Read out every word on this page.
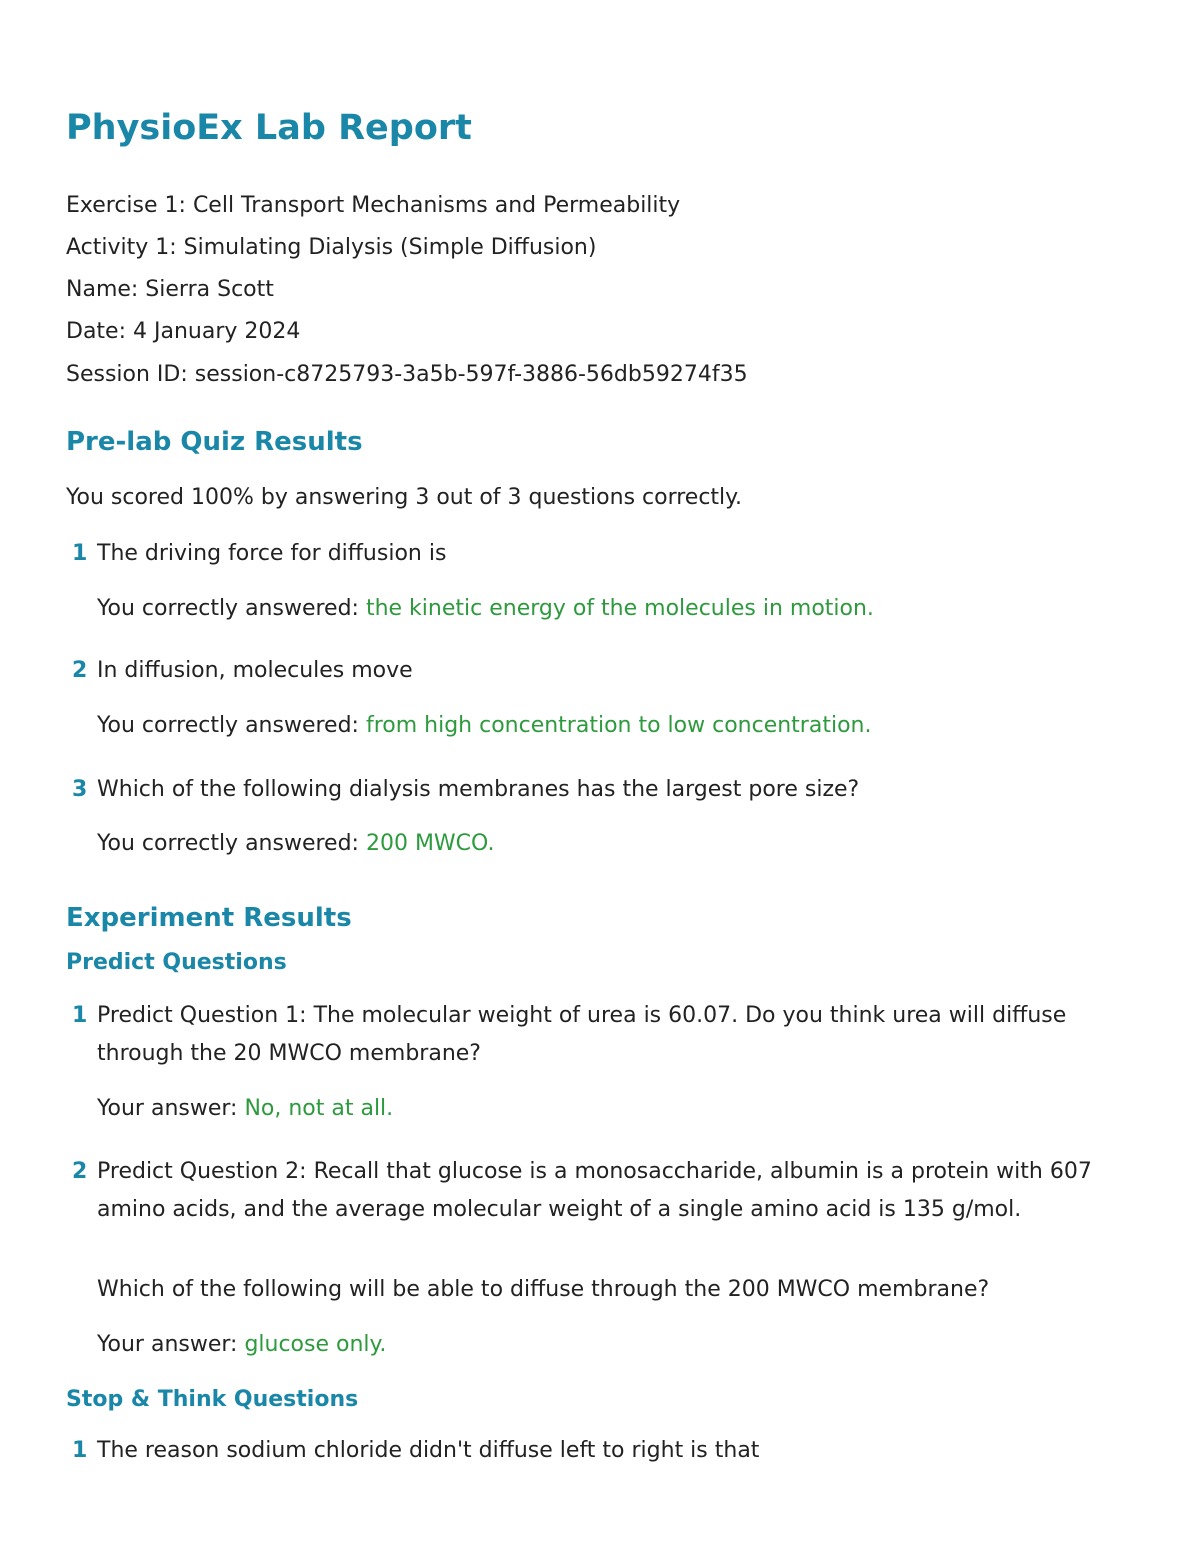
PhysioEx Lab Report
Exercise 1: Cell Transport Mechanisms and Permeability
Activity 1: Simulating Dialysis (Simple Diffusion)
Name: Sierra Scott
Date: 4 January 2024
Session ID: session-c8725793-3a5b-597f-3886-56db59274f35
Pre-lab Quiz Results
You scored 100% by answering 3 out of 3 questions correctly.
1 The driving force for diffusion is
You correctly answered: the kinetic energy of the molecules in motion.
2 In diffusion, molecules move
You correctly answered: from high concentration to low concentration.
3 Which of the following dialysis membranes has the largest pore size?
You correctly answered: 200 MWCO.
Experiment Results
Predict Questions
1 Predict Question 1: The molecular weight of urea is 60.07. Do you think urea will diffuse through the 20 MWCO membrane?
Your answer: No, not at all.
2 Predict Question 2: Recall that glucose is a monosaccharide, albumin is a protein with 607 amino acids, and the average molecular weight of a single amino acid is 135 g/mol.
Which of the following will be able to diffuse through the 200 MWCO membrane?
Your answer: glucose only.
Stop & Think Questions
1 The reason sodium chloride didn't diffuse left to right is that
